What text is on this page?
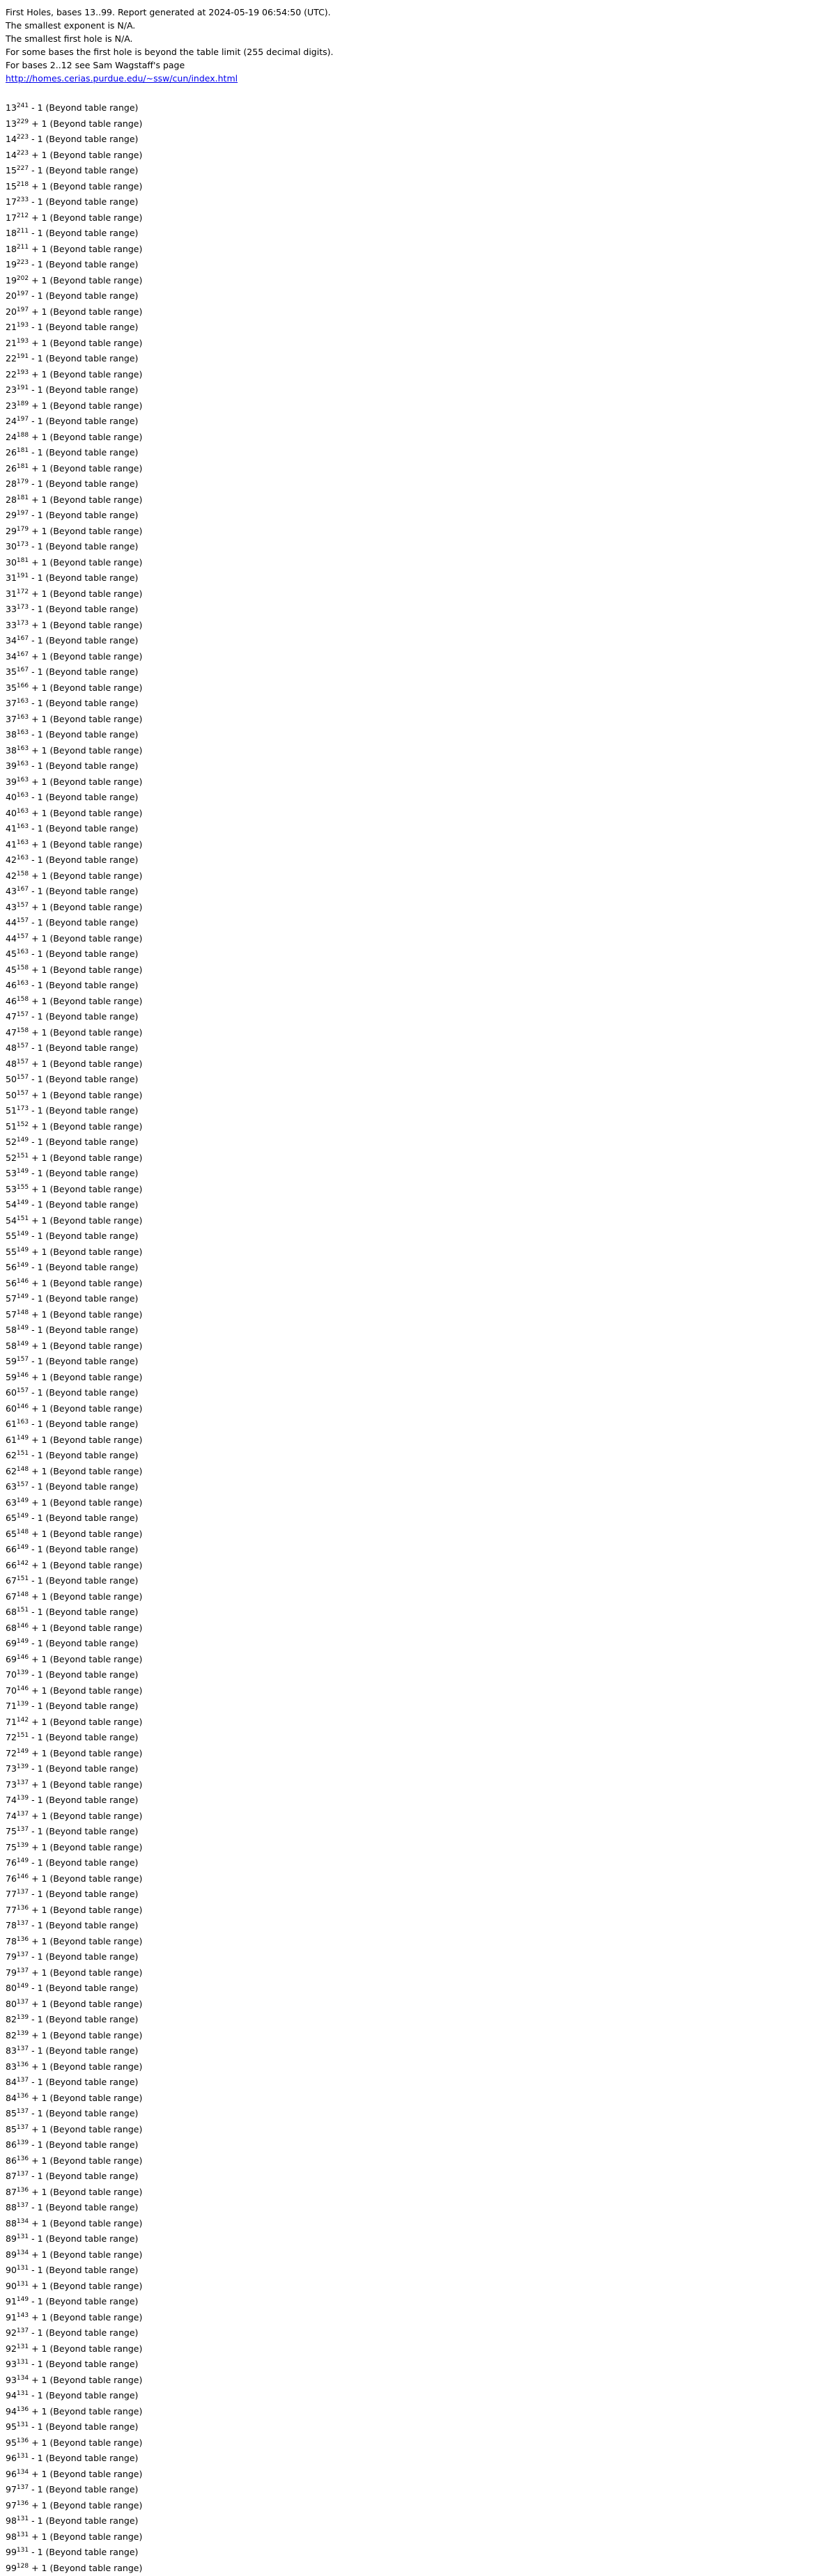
First Holes, bases 13..99. Report generated at 2024-05-19 06:54:50 (UTC).
The smallest exponent is N/A.
The smallest first hole is N/A.
For some bases the first hole is beyond the table limit (255 decimal digits).
For bases 2..12 see Sam Wagstaff's page
http://homes.cerias.purdue.edu/~ssw/cun/index.html
$13^{241} - 1$ (Beyond table range)
$13^{229} + 1$ (Beyond table range)
$14^{223} - 1$ (Beyond table range)
$14^{223} + 1$ (Beyond table range)
$15^{227} - 1$ (Beyond table range)
$15^{218} + 1$ (Beyond table range)
$17^{233} - 1$ (Beyond table range)
$17^{212} + 1$ (Beyond table range)
$18^{211} - 1$ (Beyond table range)
$18^{211} + 1$ (Beyond table range)
$19^{223} - 1$ (Beyond table range)
$19^{202} + 1$ (Beyond table range)
$20^{197} - 1$ (Beyond table range)
$20^{197} + 1$ (Beyond table range)
$21^{193} - 1$ (Beyond table range)
$21^{193} + 1$ (Beyond table range)
$22^{191} - 1$ (Beyond table range)
$22^{193} + 1$ (Beyond table range)
$23^{191} - 1$ (Beyond table range)
$23^{189} + 1$ (Beyond table range)
$24^{197} - 1$ (Beyond table range)
$24^{188} + 1$ (Beyond table range)
$26^{181} - 1$ (Beyond table range)
$26^{181} + 1$ (Beyond table range)
$28^{179} - 1$ (Beyond table range)
$28^{181} + 1$ (Beyond table range)
$29^{197} - 1$ (Beyond table range)
$29^{179} + 1$ (Beyond table range)
$30^{173} - 1$ (Beyond table range)
$30^{181} + 1$ (Beyond table range)
$31^{191} - 1$ (Beyond table range)
$31^{172} + 1$ (Beyond table range)
$33^{173} - 1$ (Beyond table range)
$33^{173} + 1$ (Beyond table range)
$34^{167} - 1$ (Beyond table range)
$34^{167} + 1$ (Beyond table range)
$35^{167} - 1$ (Beyond table range)
$35^{166} + 1$ (Beyond table range)
$37^{163} - 1$ (Beyond table range)
$37^{163} + 1$ (Beyond table range)
$38^{163} - 1$ (Beyond table range)
$38^{163} + 1$ (Beyond table range)
$39^{163} - 1$ (Beyond table range)
$39^{163} + 1$ (Beyond table range)
$40^{163} - 1$ (Beyond table range)
$40^{163} + 1$ (Beyond table range)
$41^{163} - 1$ (Beyond table range)
$41^{163} + 1$ (Beyond table range)
$42^{163} - 1$ (Beyond table range)
$42^{158} + 1$ (Beyond table range)
$43^{167} - 1$ (Beyond table range)
$43^{157} + 1$ (Beyond table range)
$44^{157} - 1$ (Beyond table range)
$44^{157} + 1$ (Beyond table range)
$45^{163} - 1$ (Beyond table range)
$45^{158} + 1$ (Beyond table range)
$46^{163} - 1$ (Beyond table range)
$46^{158} + 1$ (Beyond table range)
$47^{157} - 1$ (Beyond table range)
$47^{158} + 1$ (Beyond table range)
$48^{157} - 1$ (Beyond table range)
$48^{157} + 1$ (Beyond table range)
$50^{157} - 1$ (Beyond table range)
$50^{157} + 1$ (Beyond table range)
$51^{173} - 1$ (Beyond table range)
$51^{152} + 1$ (Beyond table range)
$52^{149} - 1$ (Beyond table range)
$52^{151} + 1$ (Beyond table range)
$53^{149} - 1$ (Beyond table range)
$53^{155} + 1$ (Beyond table range)
$54^{149} - 1$ (Beyond table range)
$54^{151} + 1$ (Beyond table range)
$55^{149} - 1$ (Beyond table range)
$55^{149} + 1$ (Beyond table range)
$56^{149} - 1$ (Beyond table range)
$56^{146} + 1$ (Beyond table range)
$57^{149} - 1$ (Beyond table range)
$57^{148} + 1$ (Beyond table range)
$58^{149} - 1$ (Beyond table range)
$58^{149} + 1$ (Beyond table range)
$59^{157} - 1$ (Beyond table range)
$59^{146} + 1$ (Beyond table range)
$60^{157} - 1$ (Beyond table range)
$60^{146} + 1$ (Beyond table range)
$61^{163} - 1$ (Beyond table range)
$61^{149} + 1$ (Beyond table range)
$62^{151} - 1$ (Beyond table range)
$62^{148} + 1$ (Beyond table range)
$63^{157} - 1$ (Beyond table range)
$63^{149} + 1$ (Beyond table range)
$65^{149} - 1$ (Beyond table range)
$65^{148} + 1$ (Beyond table range)
$66^{149} - 1$ (Beyond table range)
$66^{142} + 1$ (Beyond table range)
$67^{151} - 1$ (Beyond table range)
$67^{148} + 1$ (Beyond table range)
$68^{151} - 1$ (Beyond table range)
$68^{146} + 1$ (Beyond table range)
$69^{149} - 1$ (Beyond table range)
$69^{146} + 1$ (Beyond table range)
$70^{139} - 1$ (Beyond table range)
$70^{146} + 1$ (Beyond table range)
$71^{139} - 1$ (Beyond table range)
$71^{142} + 1$ (Beyond table range)
$72^{151} - 1$ (Beyond table range)
$72^{149} + 1$ (Beyond table range)
$73^{139} - 1$ (Beyond table range)
$73^{137} + 1$ (Beyond table range)
$74^{139} - 1$ (Beyond table range)
$74^{137} + 1$ (Beyond table range)
$75^{137} - 1$ (Beyond table range)
$75^{139} + 1$ (Beyond table range)
$76^{149} - 1$ (Beyond table range)
$76^{146} + 1$ (Beyond table range)
$77^{137} - 1$ (Beyond table range)
$77^{136} + 1$ (Beyond table range)
$78^{137} - 1$ (Beyond table range)
$78^{136} + 1$ (Beyond table range)
$79^{137} - 1$ (Beyond table range)
$79^{137} + 1$ (Beyond table range)
$80^{149} - 1$ (Beyond table range)
$80^{137} + 1$ (Beyond table range)
$82^{139} - 1$ (Beyond table range)
$82^{139} + 1$ (Beyond table range)
$83^{137} - 1$ (Beyond table range)
$83^{136} + 1$ (Beyond table range)
$84^{137} - 1$ (Beyond table range)
$84^{136} + 1$ (Beyond table range)
$85^{137} - 1$ (Beyond table range)
$85^{137} + 1$ (Beyond table range)
$86^{139} - 1$ (Beyond table range)
$86^{136} + 1$ (Beyond table range)
$87^{137} - 1$ (Beyond table range)
$87^{136} + 1$ (Beyond table range)
$88^{137} - 1$ (Beyond table range)
$88^{134} + 1$ (Beyond table range)
$89^{131} - 1$ (Beyond table range)
$89^{134} + 1$ (Beyond table range)
$90^{131} - 1$ (Beyond table range)
$90^{131} + 1$ (Beyond table range)
$91^{149} - 1$ (Beyond table range)
$91^{143} + 1$ (Beyond table range)
$92^{137} - 1$ (Beyond table range)
$92^{131} + 1$ (Beyond table range)
$93^{131} - 1$ (Beyond table range)
$93^{134} + 1$ (Beyond table range)
$94^{131} - 1$ (Beyond table range)
$94^{136} + 1$ (Beyond table range)
$95^{131} - 1$ (Beyond table range)
$95^{136} + 1$ (Beyond table range)
$96^{131} - 1$ (Beyond table range)
$96^{134} + 1$ (Beyond table range)
$97^{137} - 1$ (Beyond table range)
$97^{136} + 1$ (Beyond table range)
$98^{131} - 1$ (Beyond table range)
$98^{131} + 1$ (Beyond table range)
$99^{131} - 1$ (Beyond table range)
$99^{128} + 1$ (Beyond table range)
